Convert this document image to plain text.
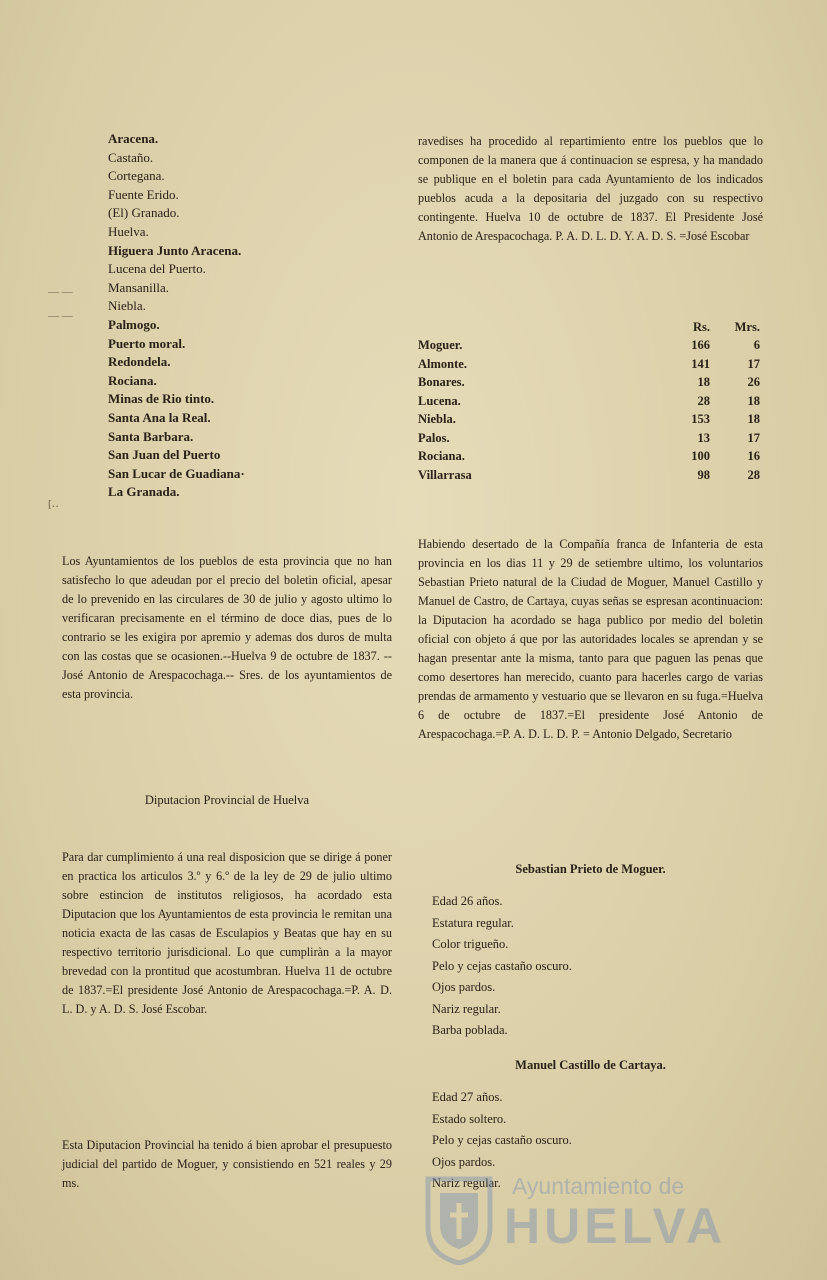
Aracena.
Castaño.
Cortegana.
Fuente Erido.
(El) Granado.
Huelva.
Higuera Junto Aracena.
Lucena del Puerto.
Mansanilla.
Niebla.
Palmogo.
Puerto moral.
Redondela.
Rociana.
Minas de Rio tinto.
Santa Ana la Real.
Santa Barbara.
San Juan del Puerto
San Lucar de Guadiana·
La Granada.
— —
— —
[‥

Los Ayuntamientos de los pueblos de esta provincia que no han satisfecho lo que adeudan por el precio del boletin oficial, apesar de lo prevenido en las circulares de 30 de julio y agosto ultimo lo verificaran precisamente en el término de doce dias, pues de lo contrario se les exigira por apremio y ademas dos duros de multa con las costas que se ocasionen.--Huelva 9 de octubre de 1837. --José Antonio de Arespacochaga.-- Sres. de los ayuntamientos de esta provincia.

Diputacion Provincial de Huelva

Para dar cumplimiento á una real disposicion que se dirige á poner en practica los articulos 3.º y 6.º de la ley de 29 de julio ultimo sobre estincion de institutos religiosos, ha acordado esta Diputacion que los Ayuntamientos de esta provincia le remitan una noticia exacta de las casas de Esculapios y Beatas que hay en su respectivo territorio jurisdicional. Lo que cumpliràn a la mayor brevedad con la prontitud que acostumbran. Huelva 11 de octubre de 1837.=El presidente José Antonio de Arespacochaga.=P. A. D. L. D. y A. D. S. José Escobar.

Esta Diputacion Provincial ha tenido á bien aprobar el presupuesto judicial del partido de Moguer, y consistiendo en 521 reales y 29 ms.

ravedises ha procedido al repartimiento entre los pueblos que lo componen de la manera que á continuacion se espresa, y ha mandado se publique en el boletin para cada Ayuntamiento de los indicados pueblos acuda a la depositaria del juzgado con su respectivo contingente. Huelva 10 de octubre de 1837. El Presidente José Antonio de Arespacochaga. P. A. D. L. D. Y. A. D. S. =José Escobar

	Rs.	Mrs.
Moguer.	166	6
Almonte.	141	17
Bonares.	18	26
Lucena.	28	18
Niebla.	153	18
Palos.	13	17
Rociana.	100	16
Villarrasa	98	28

Habiendo desertado de la Compañía franca de Infanteria de esta provincia en los dias 11 y 29 de setiembre ultimo, los voluntarios Sebastian Prieto natural de la Ciudad de Moguer, Manuel Castillo y Manuel de Castro, de Cartaya, cuyas señas se espresan acontinuacion: la Diputacion ha acordado se haga publico por medio del boletin oficial con objeto á que por las autoridades locales se aprendan y se hagan presentar ante la misma, tanto para que paguen las penas que como desertores han merecido, cuanto para hacerles cargo de varias prendas de armamento y vestuario que se llevaron en su fuga.=Huelva 6 de octubre de 1837.=El presidente José Antonio de Arespacochaga.=P. A. D. L. D. P. = Antonio Delgado, Secretario

Sebastian Prieto de Moguer.
Edad 26 años.
Estatura regular.
Color trigueño.
Pelo y cejas castaño oscuro.
Ojos pardos.
Nariz regular.
Barba poblada.
Manuel Castillo de Cartaya.
Edad 27 años.
Estado soltero.
Pelo y cejas castaño oscuro.
Ojos pardos.
Nariz regular. Ayuntamiento de
HUELVA
